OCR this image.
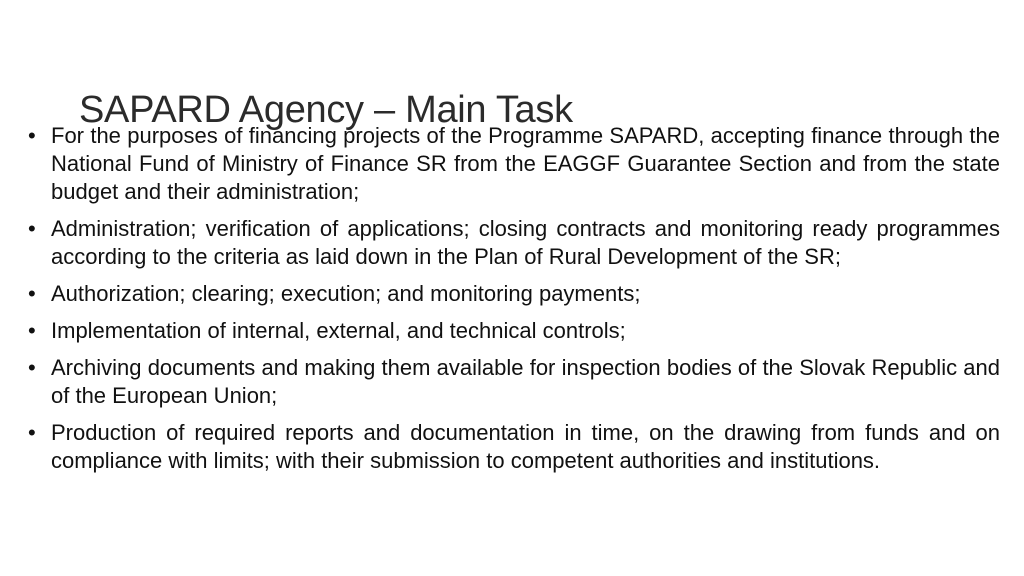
SAPARD Agency – Main Task
• For the purposes of financing projects of the Programme SAPARD, accepting finance through the National Fund of Ministry of Finance SR from the EAGGF Guarantee Section and from the state budget and their administration;
• Administration; verification of applications; closing contracts and monitoring ready programmes according to the criteria as laid down in the Plan of Rural Development of the SR;
• Authorization; clearing; execution; and monitoring payments;
• Implementation of internal, external, and technical controls;
• Archiving documents and making them available for inspection bodies of the Slovak Republic and of the European Union;
• Production of required reports and documentation in time, on the drawing from funds and on compliance with limits; with their submission to competent authorities and institutions.
